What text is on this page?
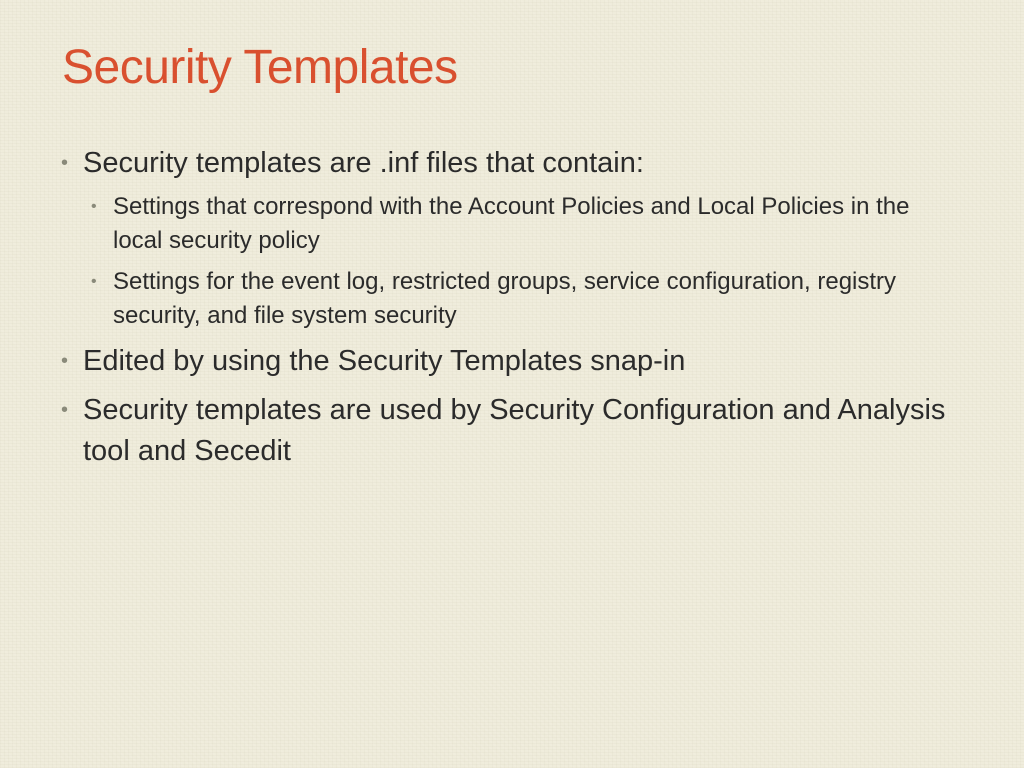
Security Templates
• Security templates are .inf files that contain:
• Settings that correspond with the Account Policies and Local Policies in the local security policy
• Settings for the event log, restricted groups, service configuration, registry security, and file system security
• Edited by using the Security Templates snap-in
• Security templates are used by Security Configuration and Analysis tool and Secedit
